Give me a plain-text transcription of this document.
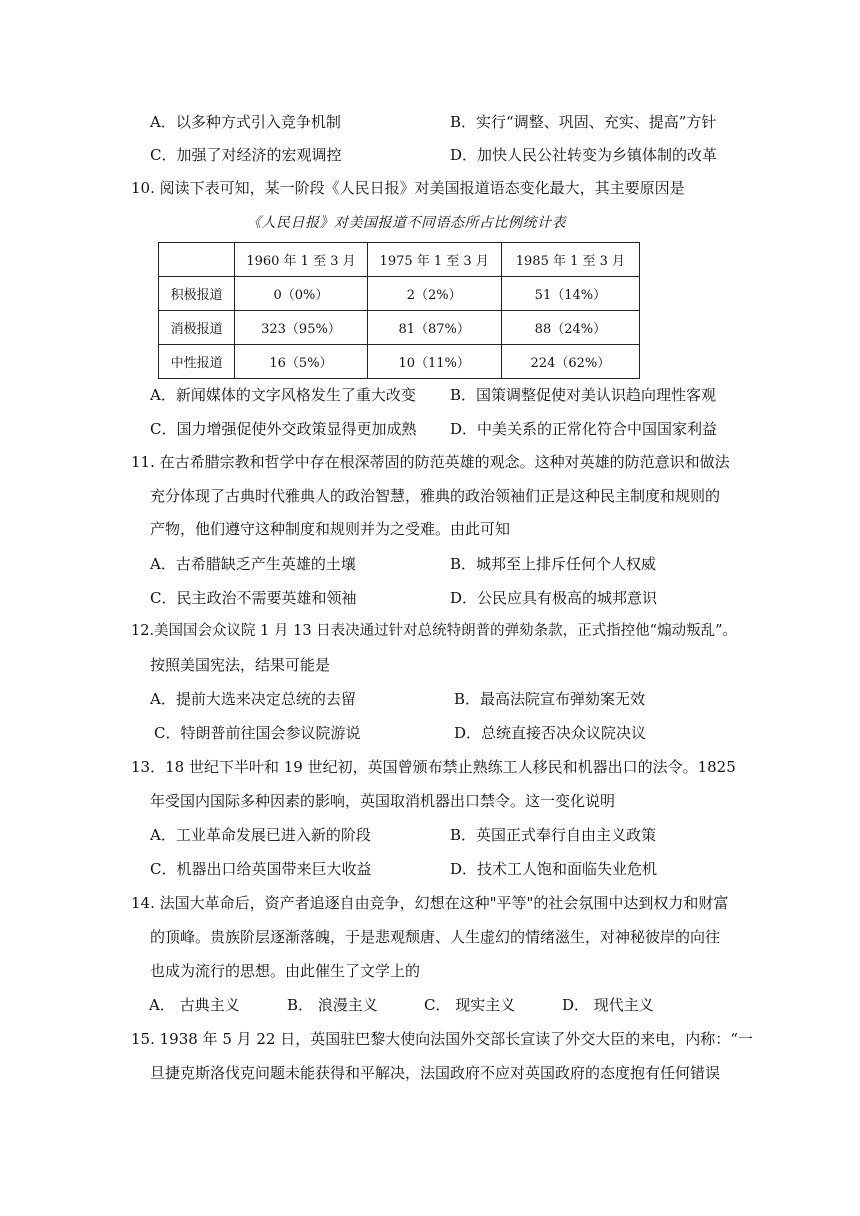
A．以多种方式引入竞争机制	B．实行“调整、巩固、充实、提高”方针
C．加强了对经济的宏观调控	D．加快人民公社转变为乡镇体制的改革
10. 阅读下表可知，某一阶段《人民日报》对美国报道语态变化最大，其主要原因是
《人民日报》对美国报道不同语态所占比例统计表
	1960 年 1 至 3 月	1975 年 1 至 3 月	1985 年 1 至 3 月
积极报道	0（0%）	2（2%）	51（14%）
消极报道	323（95%）	81（87%）	88（24%）
中性报道	16（5%）	10（11%）	224（62%）
A．新闻媒体的文字风格发生了重大改变 B．国策调整促使对美认识趋向理性客观
C．国力增强促使外交政策显得更加成熟 D．中美关系的正常化符合中国国家利益
11. 在古希腊宗教和哲学中存在根深蒂固的防范英雄的观念。这种对英雄的防范意识和做法
充分体现了古典时代雅典人的政治智慧，雅典的政治领袖们正是这种民主制度和规则的
产物，他们遵守这种制度和规则并为之受难。由此可知
A．古希腊缺乏产生英雄的土壤	B．城邦至上排斥任何个人权威
C．民主政治不需要英雄和领袖	D．公民应具有极高的城邦意识
12.美国国会众议院 1 月 13 日表决通过针对总统特朗普的弹劾条款，正式指控他“煽动叛乱”。
按照美国宪法，结果可能是
A．提前大选来决定总统的去留	B．最高法院宣布弹劾案无效
C．特朗普前往国会参议院游说	D．总统直接否决众议院决议
13．18 世纪下半叶和 19 世纪初，英国曾颁布禁止熟练工人移民和机器出口的法令。1825
年受国内国际多种因素的影响，英国取消机器出口禁令。这一变化说明
A．工业革命发展已进入新的阶段	B．英国正式奉行自由主义政策
C．机器出口给英国带来巨大收益	D．技术工人饱和面临失业危机
14. 法国大革命后，资产者追逐自由竞争，幻想在这种"平等"的社会氛围中达到权力和财富
的顶峰。贵族阶层逐渐落魄，于是悲观颓唐、人生虚幻的情绪滋生，对神秘彼岸的向往
也成为流行的思想。由此催生了文学上的
A． 古典主义	B． 浪漫主义	C． 现实主义	D． 现代主义
15. 1938 年 5 月 22 日，英国驻巴黎大使向法国外交部长宣读了外交大臣的来电，内称：“一
旦捷克斯洛伐克问题未能获得和平解决，法国政府不应对英国政府的态度抱有任何错误
